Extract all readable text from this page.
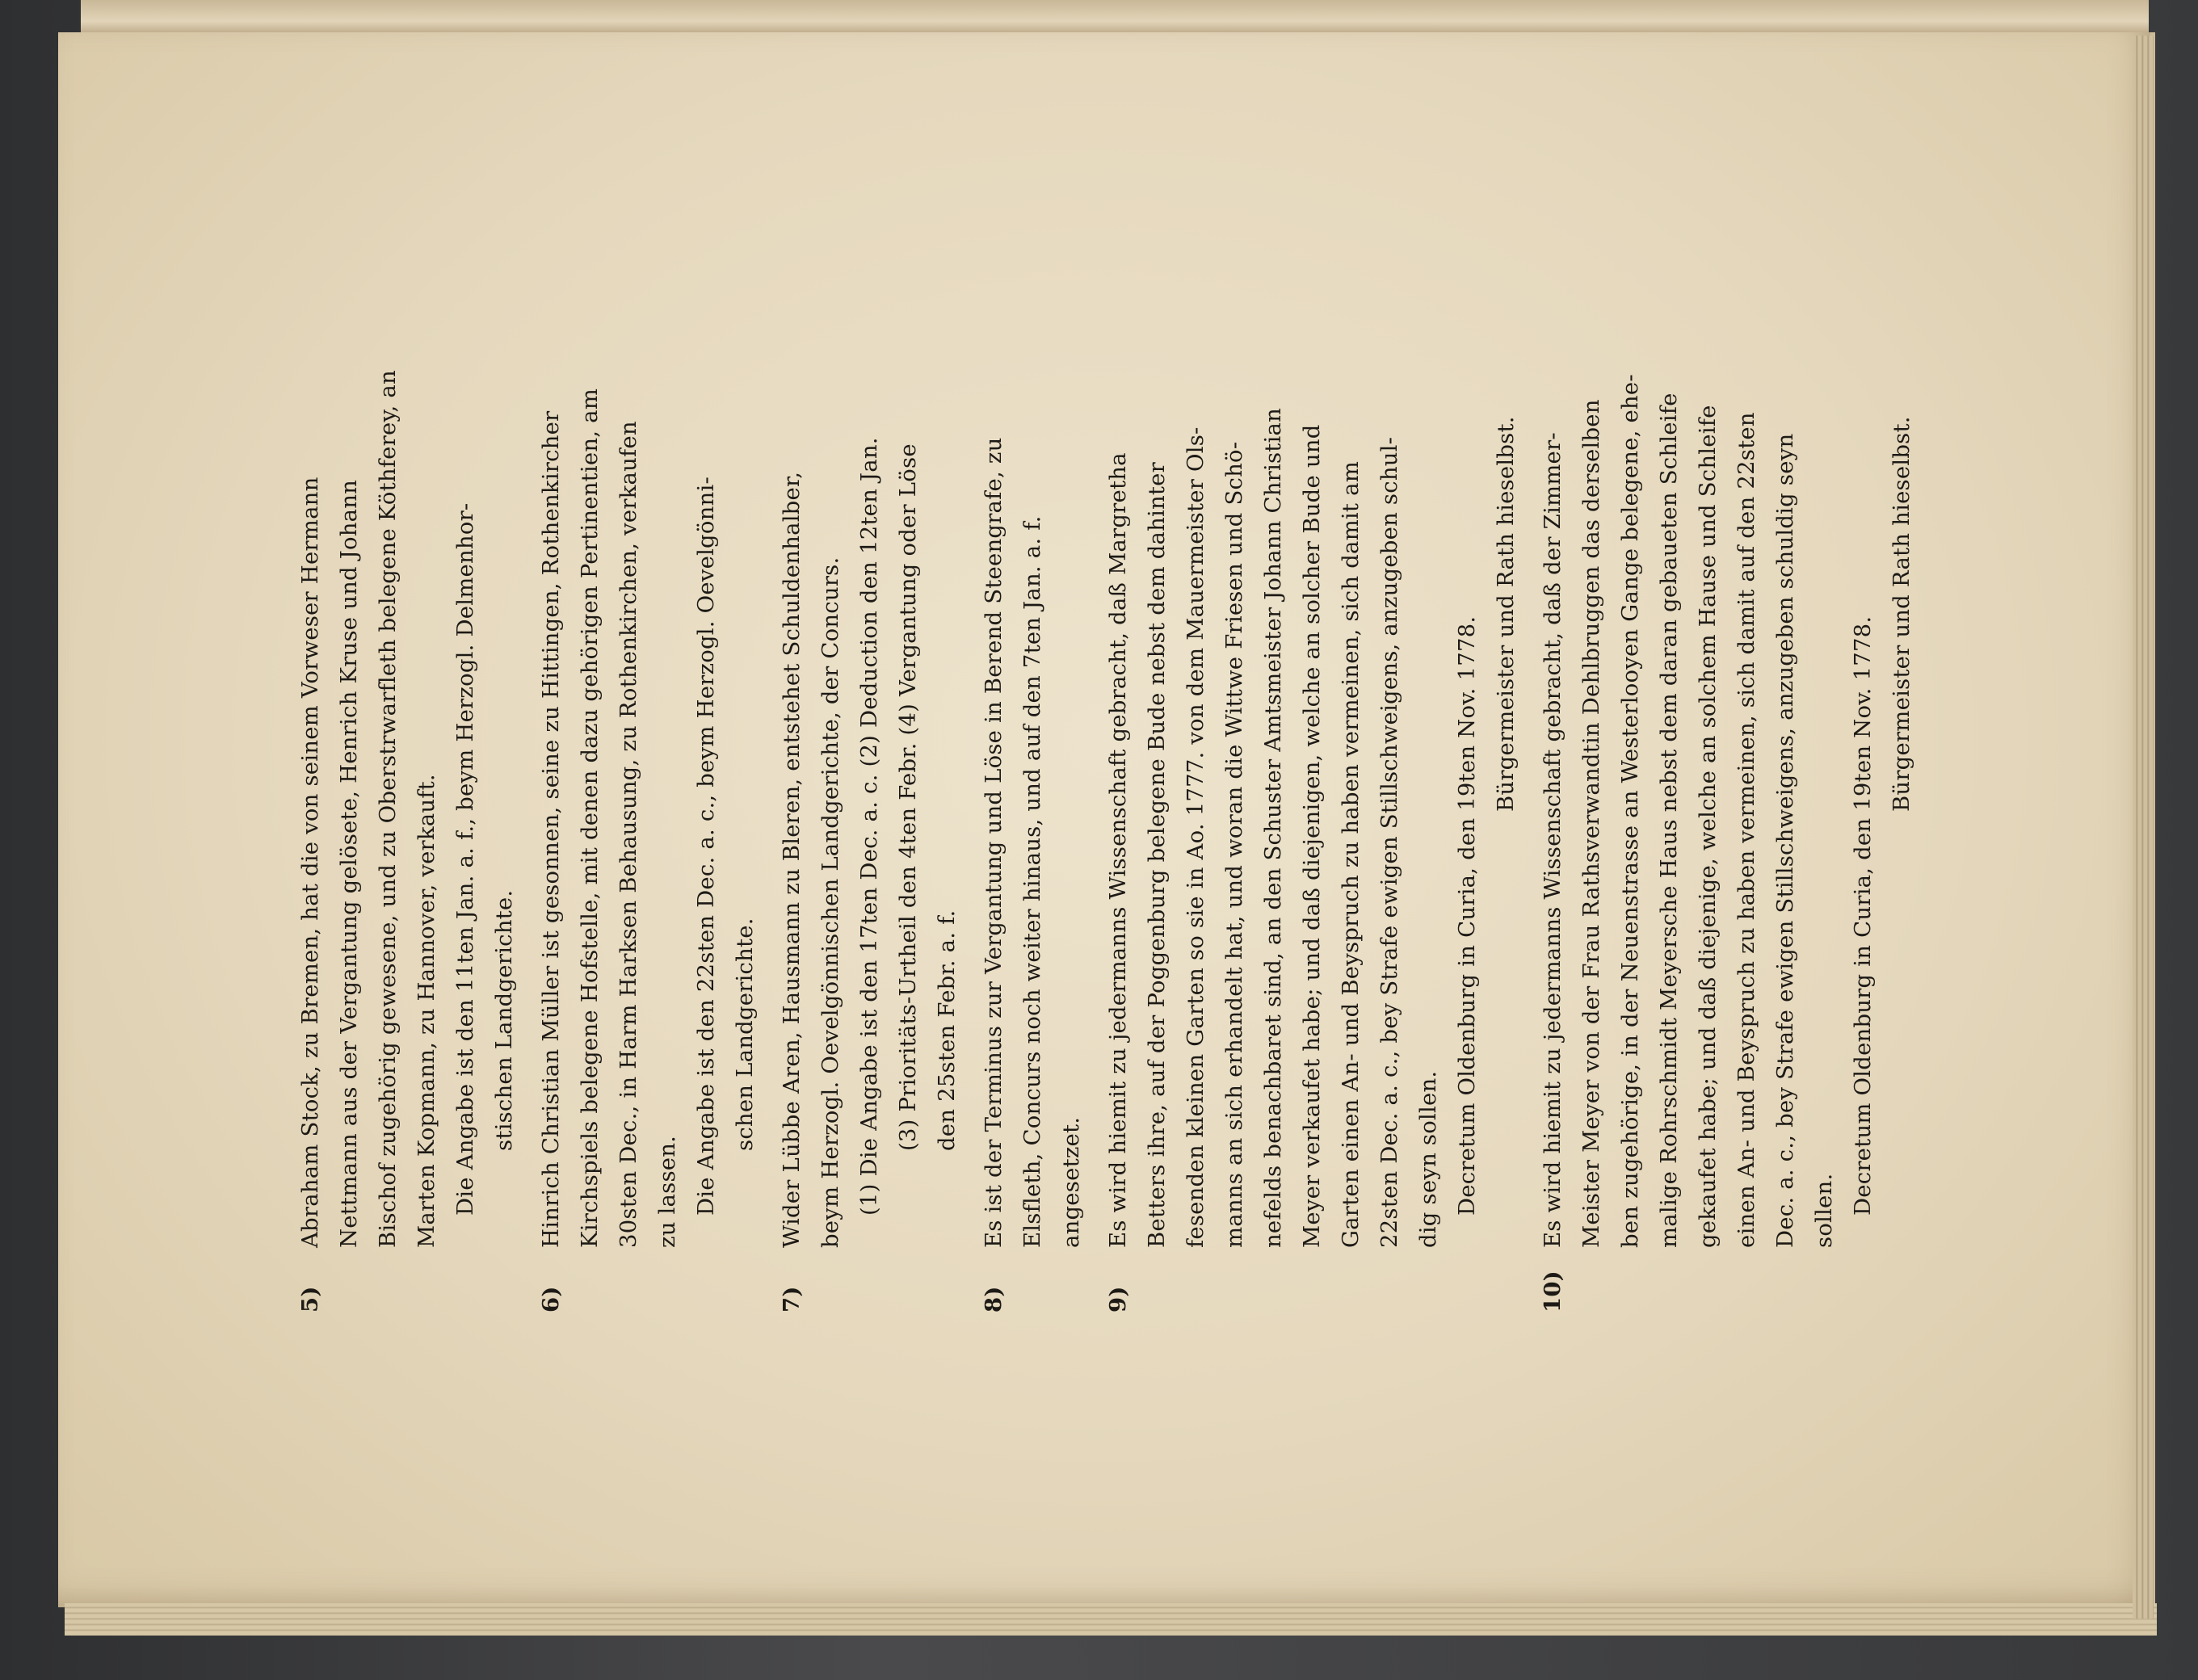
5)
Abraham Stock, zu Bremen, hat die von seinem Vorweser Hermann Nettmann aus der Vergantung gelösete, Henrich Kruse und Johann Bischof zugehörig gewesene, und zu Oberstrwarfleth belegene Köthferey, an Marten Kopmann, zu Hannover, verkauft. Die Angabe ist den 11ten Jan. a. f., beym Herzogl. Delmenhor- stischen Landgerichte.
6)
Hinrich Christian Müller ist gesonnen, seine zu Hittingen, Rothenkircher Kirchspiels belegene Hofstelle, mit denen dazu gehörigen Pertinentien, am 30sten Dec., in Harm Harksen Behausung, zu Rothenkirchen, verkaufen zu lassen. Die Angabe ist den 22sten Dec. a. c., beym Herzogl. Oevelgönni- schen Landgerichte.
7)
Wider Lübbe Aren, Hausmann zu Bleren, entstehet Schuldenhalber, beym Herzogl. Oevelgönnischen Landgerichte, der Concurs. (1) Die Angabe ist den 17ten Dec. a. c. (2) Deduction den 12ten Jan. (3) Prioritäts-Urtheil den 4ten Febr. (4) Vergantung oder Löse den 25sten Febr. a. f.
8)
Es ist der Terminus zur Vergantung und Löse in Berend Steengrafe, zu Elsfleth, Concurs noch weiter hinaus, und auf den 7ten Jan. a. f. angesetzet.
9)
Es wird hiemit zu jedermanns Wissenschaft gebracht, daß Margretha Betters ihre, auf der Poggenburg belegene Bude nebst dem dahinter fesenden kleinen Garten so sie in Ao. 1777. von dem Mauermeister Ols- manns an sich erhandelt hat, und woran die Wittwe Friesen und Schö- nefelds benachbaret sind, an den Schuster Amtsmeister Johann Christian Meyer verkaufet habe; und daß diejenigen, welche an solcher Bude und Garten einen An- und Beyspruch zu haben vermeinen, sich damit am 22sten Dec. a. c., bey Strafe ewigen Stillschweigens, anzugeben schul- dig seyn sollen. Decretum Oldenburg in Curia, den 19ten Nov. 1778.
Bürgermeister und Rath hieselbst.
10)
Es wird hiemit zu jedermanns Wissenschaft gebracht, daß der Zimmer- Meister Meyer von der Frau Rathsverwandtin Dehlbruggen das derselben ben zugehörige, in der Neuenstrasse an Westerlooyen Gange belegene, ehe- malige Rohrschmidt Meyersche Haus nebst dem daran gebaueten Schleife gekaufet habe; und daß diejenige, welche an solchem Hause und Schleife einen An- und Beyspruch zu haben vermeinen, sich damit auf den 22sten Dec. a. c., bey Strafe ewigen Stillschweigens, anzugeben schuldig seyn sollen. Decretum Oldenburg in Curia, den 19ten Nov. 1778.
Bürgermeister und Rath hieselbst.
